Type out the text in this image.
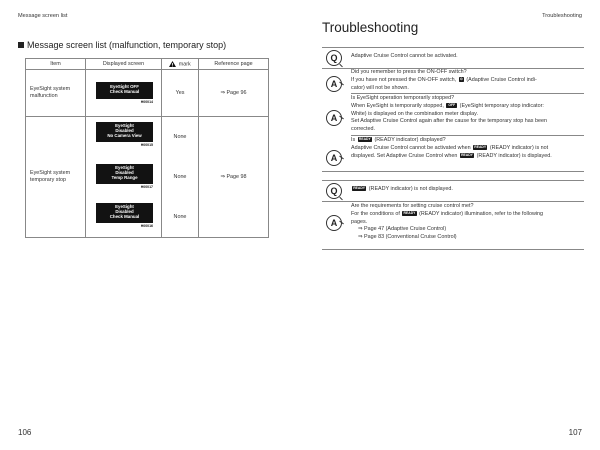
Message screen list
Message screen list (malfunction, temporary stop)
Item	Displayed screen	mark	Reference page
EyeSight system malfunction	EyeSight OFF
Check Manual
H00014	Yes	⇒ Page 96
EyeSight system temporary stop	EyeSight
Disabled
No Camera View
H00015	None	⇒ Page 98

	EyeSight
Disabled
Temp Range
H00017	None	

	EyeSight
Disabled
Check Manual
H00016	None	
106
Troubleshooting
Troubleshooting
Q	Adaptive Cruise Control cannot be activated.
A
A
A
Did you remember to press the ON-OFF switch?
If you have not pressed the ON-OFF switch, ⊙ (Adaptive Cruise Control indi-
cator) will not be shown.
Is EyeSight operation temporarily stopped?
When EyeSight is temporarily stopped, OFF (EyeSight temporary stop indicator:
White) is displayed on the combination meter display.
Set Adaptive Cruise Control again after the cause for the temporary stop has been
corrected.
Is READY (READY indicator) displayed?
Adaptive Cruise Control cannot be activated when READY (READY indicator) is not
displayed. Set Adaptive Cruise Control when READY (READY indicator) is displayed.
Q	READY (READY indicator) is not displayed.
A
Are the requirements for setting cruise control met?
For the conditions of READY (READY indicator) illumination, refer to the following
pages.
⇒ Page 47 (Adaptive Cruise Control)
⇒ Page 83 (Conventional Cruise Control)
107
